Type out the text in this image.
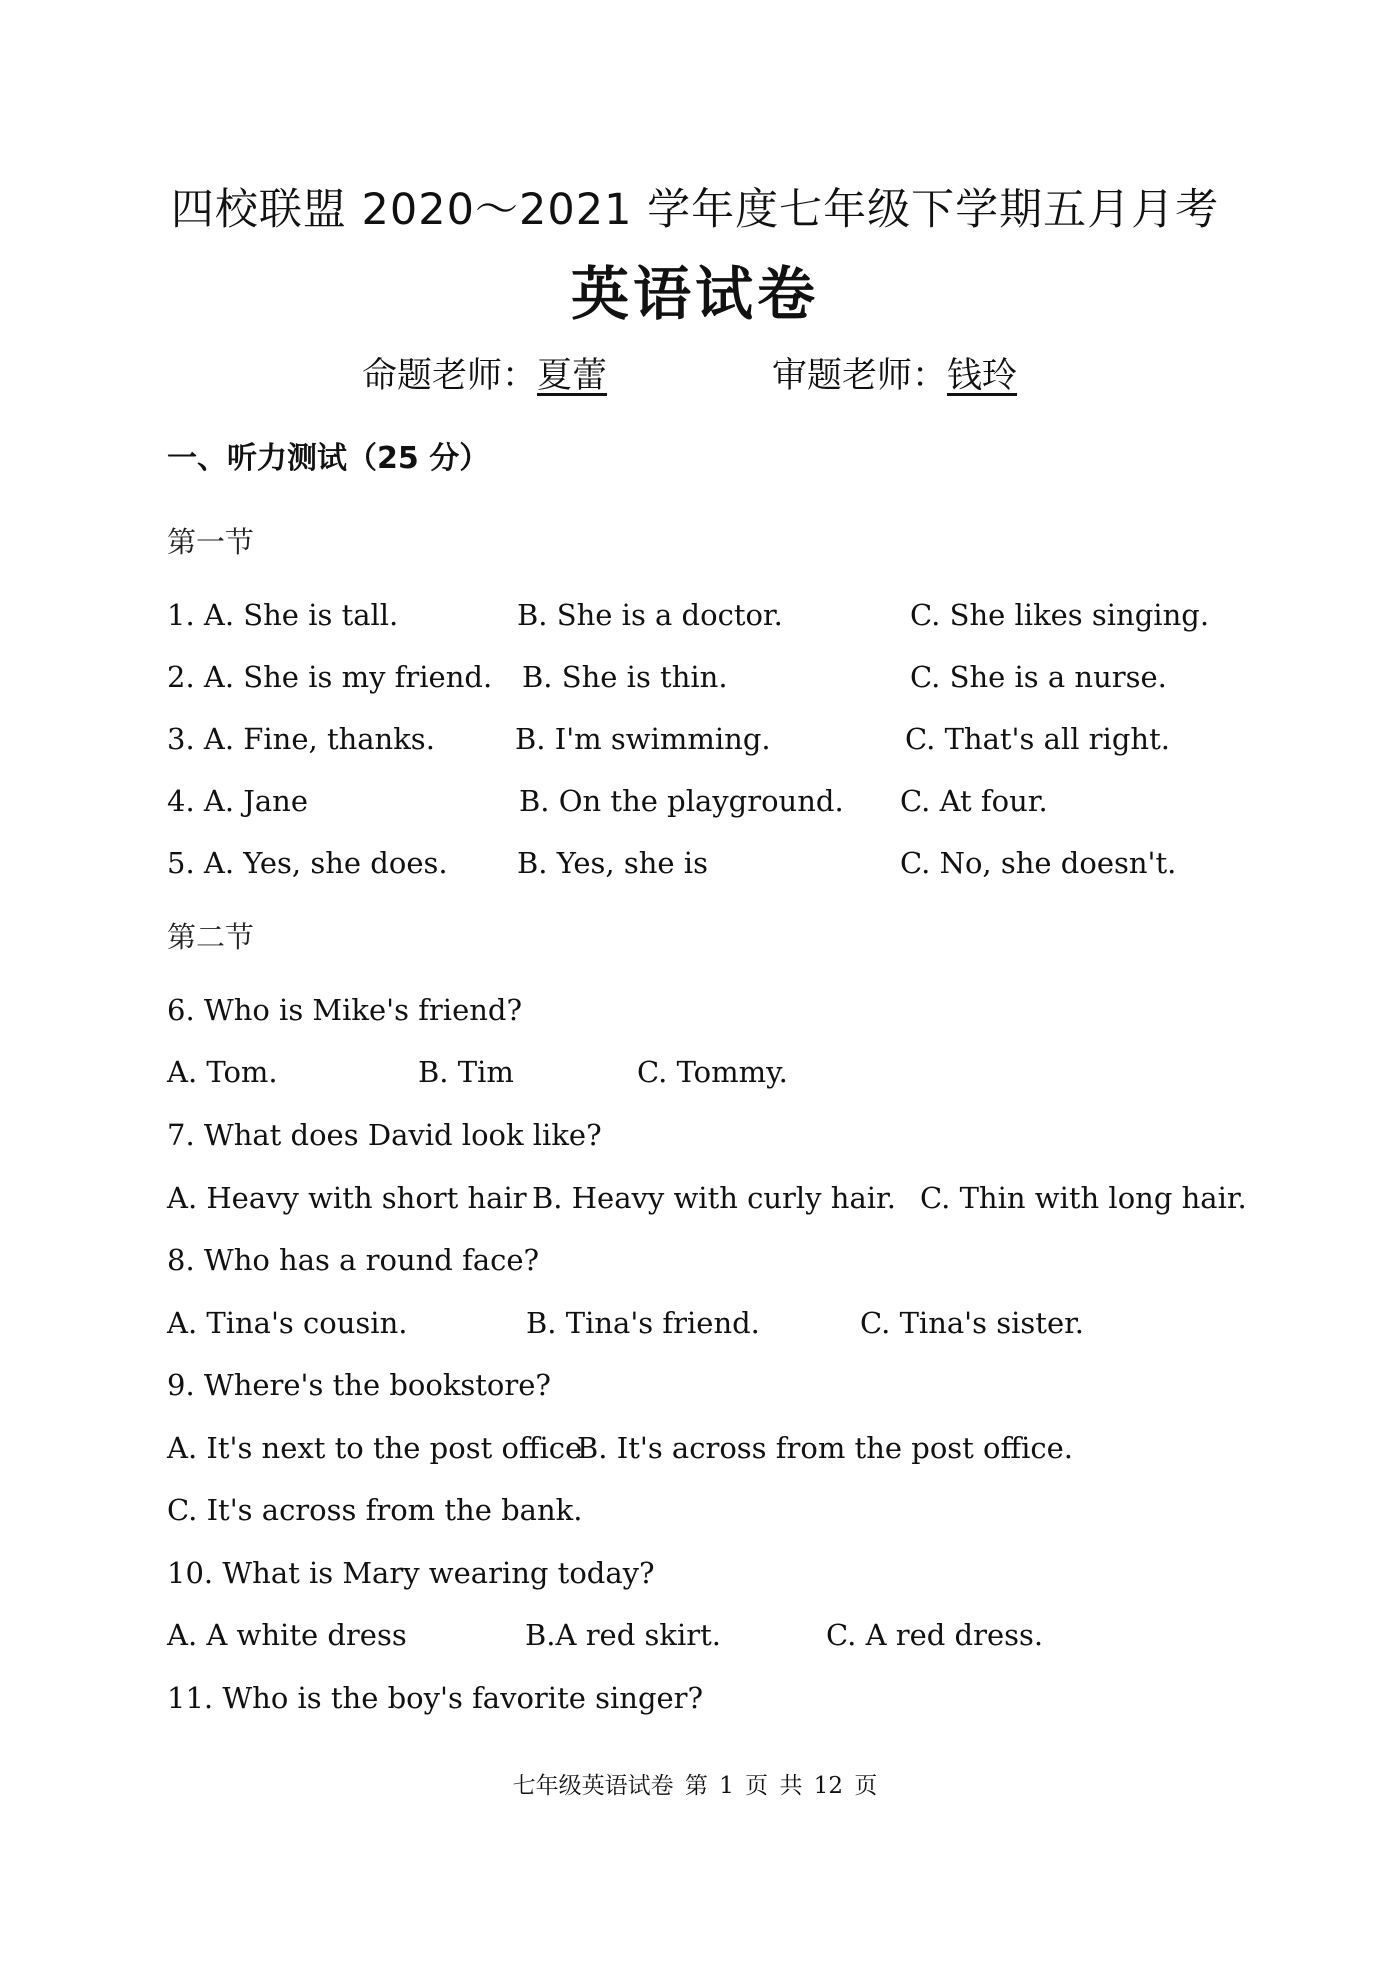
四校联盟 2020～2021 学年度七年级下学期五月月考
英语试卷
命题老师：夏蕾	审题老师：钱玲
一、听力测试（25 分）
第一节
1. A. She is tall.	B. She is a doctor.	C. She likes singing.
2. A. She is my friend. B. She is thin.	C. She is a nurse.
3. A. Fine, thanks.	B. I'm swimming.	C. That's all right.
4. A. Jane	B. On the playground. C. At four.
5. A. Yes, she does. B. Yes, she is	C. No, she doesn't.
第二节
6. Who is Mike's friend?
A. Tom.	B. Tim	C. Tommy.
7. What does David look like?
A. Heavy with short hair B. Heavy with curly hair. C. Thin with long hair.
8. Who has a round face?
A. Tina's cousin.	B. Tina's friend.	C. Tina's sister.
9. Where's the bookstore?
A. It's next to the post office
B. It's across from the post office.
C. It's across from the bank.
10. What is Mary wearing today?
A. A white dress	B.A red skirt.	C. A red dress.
11. Who is the boy's favorite singer?
七年级英语试卷 第 1 页 共 12 页
